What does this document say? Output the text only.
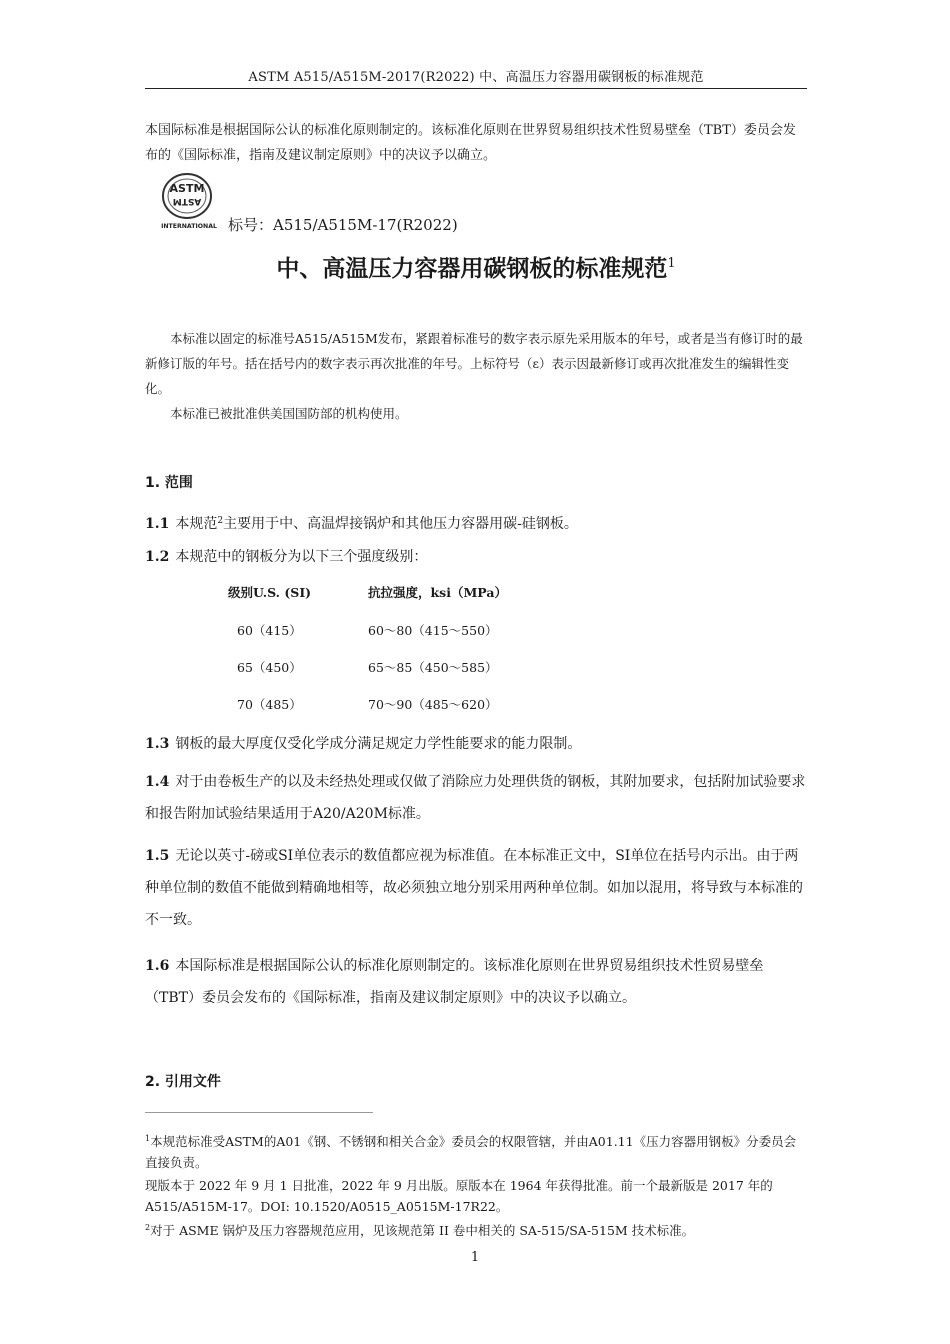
ASTM A515/A515M-2017(R2022) 中、高温压力容器用碳钢板的标准规范
本国际标准是根据国际公认的标准化原则制定的。该标准化原则在世界贸易组织技术性贸易壁垒（TBT）委员会发布的《国际标准，指南及建议制定原则》中的决议予以确立。
ASTM
ASTM
INTERNATIONAL 标号：A515/A515M-17(R2022)
中、高温压力容器用碳钢板的标准规范$^1$

本标准以固定的标准号A515/A515M发布，紧跟着标准号的数字表示原先采用版本的年号，或者是当有修订时的最新修订版的年号。括在括号内的数字表示再次批准的年号。上标符号（ε）表示因最新修订或再次批准发生的编辑性变化。

本标准已被批准供美国国防部的机构使用。

1. 范围
1.1 本规范$^2$主要用于中、高温焊接锅炉和其他压力容器用碳-硅钢板。
1.2 本规范中的钢板分为以下三个强度级别：
级别U.S. (SI)	抗拉强度，ksi（MPa）
60（415）	60～80（415～550）
65（450）	65～85（450～585）
70（485）	70～90（485～620）
1.3 钢板的最大厚度仅受化学成分满足规定力学性能要求的能力限制。
1.4 对于由卷板生产的以及未经热处理或仅做了消除应力处理供货的钢板，其附加要求，包括附加试验要求和报告附加试验结果适用于A20/A20M标准。
1.5 无论以英寸-磅或SI单位表示的数值都应视为标准值。在本标准正文中，SI单位在括号内示出。由于两种单位制的数值不能做到精确地相等，故必须独立地分别采用两种单位制。如加以混用，将导致与本标准的不一致。
1.6 本国际标准是根据国际公认的标准化原则制定的。该标准化原则在世界贸易组织技术性贸易壁垒（TBT）委员会发布的《国际标准，指南及建议制定原则》中的决议予以确立。
2. 引用文件

$^1$本规范标准受ASTM的A01《钢、不锈钢和相关合金》委员会的权限管辖，并由A01.11《压力容器用钢板》分委员会直接负责。

现版本于 2022 年 9 月 1 日批准，2022 年 9 月出版。原版本在 1964 年获得批准。前一个最新版是 2017 年的 A515/A515M-17。DOI: 10.1520/A0515_A0515M-17R22。

$^2$对于 ASME 锅炉及压力容器规范应用，见该规范第 II 卷中相关的 SA-515/SA-515M 技术标准。

1
